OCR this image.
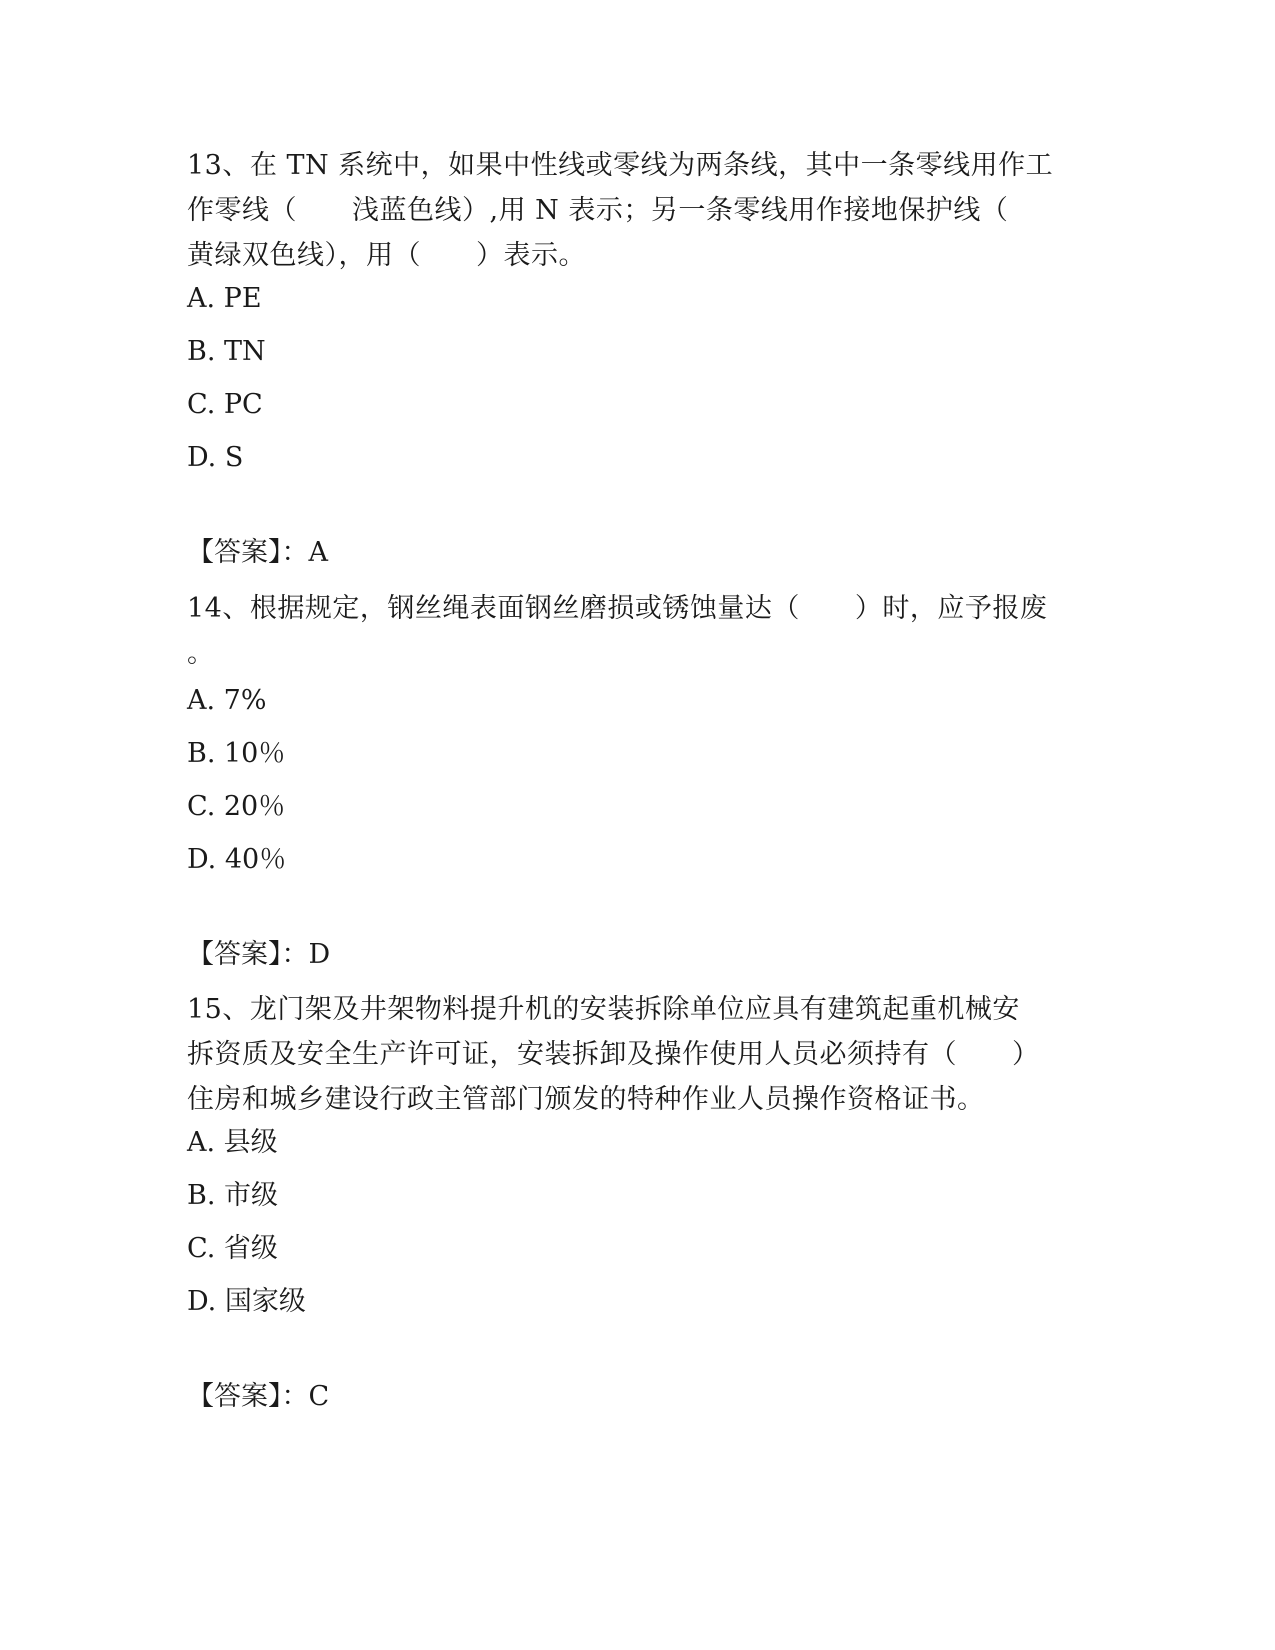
13、在 TN 系统中，如果中性线或零线为两条线，其中一条零线用作工
作零线（　　浅蓝色线）,用 N 表示；另一条零线用作接地保护线（
黄绿双色线），用（　　）表示。

A. PE

B. TN

C. PC

D. S

【答案】：A

14、根据规定，钢丝绳表面钢丝磨损或锈蚀量达（　　）时，应予报废
。

A. 7%

B. 10％

C. 20％

D. 40％

【答案】：D

15、龙门架及井架物料提升机的安装拆除单位应具有建筑起重机械安
拆资质及安全生产许可证，安装拆卸及操作使用人员必须持有（　　）
住房和城乡建设行政主管部门颁发的特种作业人员操作资格证书。

A. 县级

B. 市级

C. 省级

D. 国家级

【答案】：C
